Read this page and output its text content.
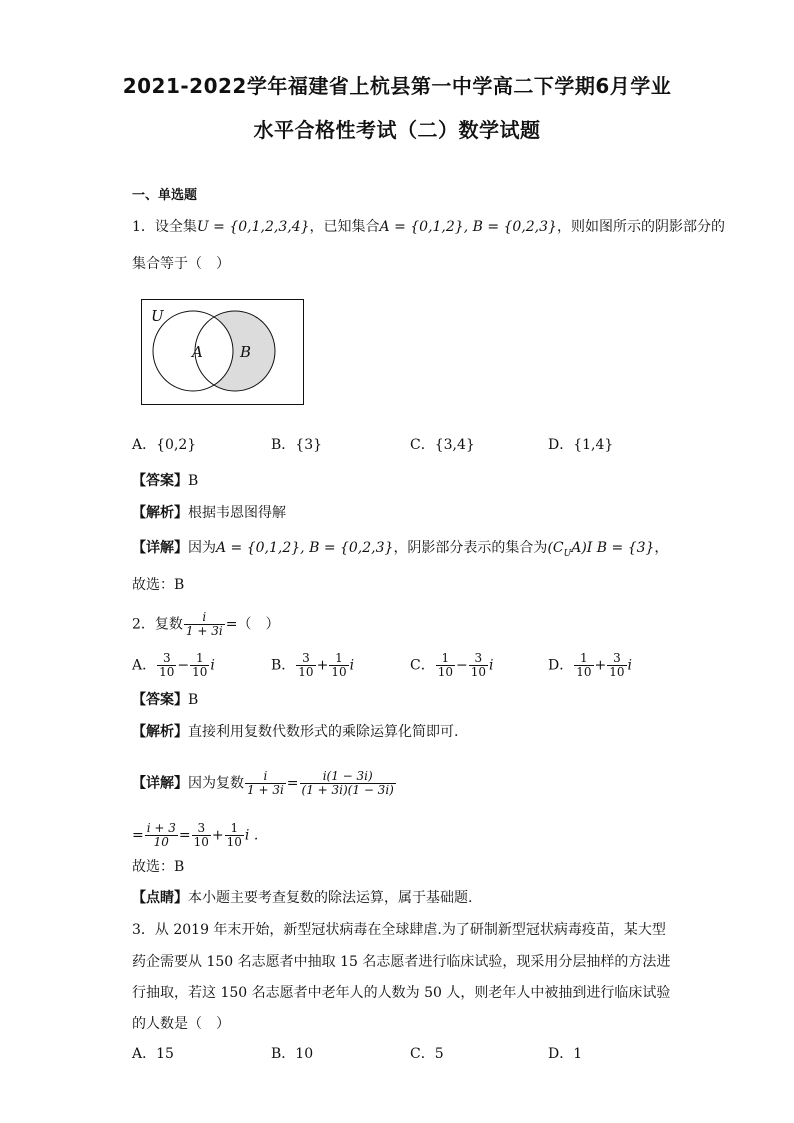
2021-2022学年福建省上杭县第一中学高二下学期6月学业
水平合格性考试（二）数学试题
一、单选题
1．设全集U = {0,1,2,3,4}，已知集合A = {0,1,2}, B = {0,2,3}，则如图所示的阴影部分的
集合等于（　）
U
A B
A．{0,2}	B．{3}	C．{3,4}	D．{1,4}
【答案】B
【解析】根据韦恩图得解
【详解】因为A = {0,1,2}, B = {0,2,3}，阴影部分表示的集合为$(C_UA)I$ B = {3}，
故选：B
2．复数 $\frac{i}{1 + 3i}$ =（　）
A． $\frac{3}{10} - \frac{1}{10}$ i	B． $\frac{3}{10} + \frac{1}{10}$ i	C． $\frac{1}{10} - \frac{3}{10}$ i	D． $\frac{1}{10} + \frac{3}{10}$ i
【答案】B
【解析】直接利用复数代数形式的乘除运算化简即可.
【详解】因为复数 $\frac{i}{1 + 3i} = \frac{i(1 - 3i)}{(1 + 3i)(1 - 3i)}$
= $\frac{i + 3}{10} = \frac{3}{10} + \frac{1}{10}$ i .
故选：B
【点睛】本小题主要考查复数的除法运算，属于基础题.
3．从 2019 年末开始，新型冠状病毒在全球肆虐.为了研制新型冠状病毒疫苗，某大型
药企需要从 150 名志愿者中抽取 15 名志愿者进行临床试验，现采用分层抽样的方法进
行抽取，若这 150 名志愿者中老年人的人数为 50 人，则老年人中被抽到进行临床试验
的人数是（　）
A．15	B．10	C．5	D．1
